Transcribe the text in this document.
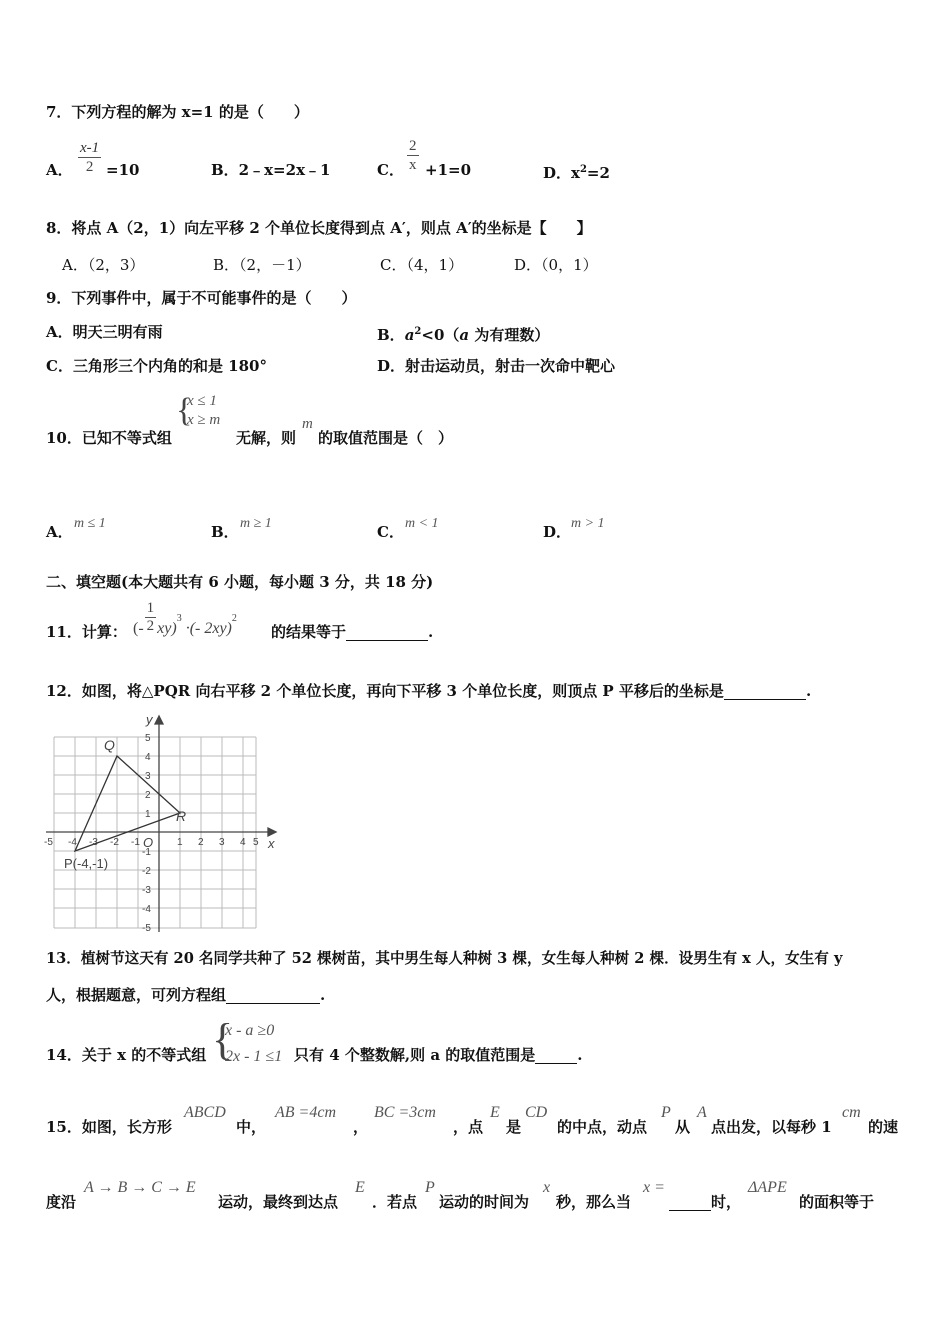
7．下列方程的解为 x=1 的是（　　）
A． $\frac{x-1}{2} =10$	B．2﹣x=2x﹣1	C． $\frac{2}{x} +1=0$	D．$x^2=2$
8．将点 A（2，1）向左平移 2 个单位长度得到点 A′，则点 A′的坐标是【　　】
A．（2，3）	B．（2，－1）	C．（4，1）	D．（0，1）
9．下列事件中，属于不可能事件的是（　　）
A．明天三明有雨	B．$a^2<0(a$ 为有理数）
C．三角形三个内角的和是 180°	D．射击运动员，射击一次命中靶心
10．已知不等式组
{
x ≤ 1
x ≥ m
无解，则
m
的取值范围是（　）
A． m ≤ 1	B． m ≥ 1	C． m < 1	D． m > 1
二、填空题(本大题共有 6 小题，每小题 3 分，共 18 分)
11．计算： (- $\frac{1}{2} xy)^3\cdot(-$ 2xy)$^2$
的结果等于	.
12．如图，将△PQR 向右平移 2 个单位长度，再向下平移 3 个单位长度，则顶点 P 平移后的坐标是	.
y
x
O
Q
R
P(-4,-1)
-5 -4 -3 -2 -1	1 2 3 4 5
5
4
3
2
1
-1
-2
-3
-4
-5
13．植树节这天有 20 名同学共种了 52 棵树苗，其中男生每人种树 3 棵，女生每人种树 2 棵．设男生有 x 人，女生有 y
人，根据题意，可列方程组	.
14．关于 x 的不等式组 {
x - a ≥0
2x - 1 ≤1 只有 4 个整数解,则 a 的取值范围是	.
15．如图，长方形
ABCD
中，
AB =4cm
，
BC =3cm
，点
E
是
CD
的中点，动点
P
从
A
点出发，以每秒 1
cm
的速
度沿
A → B → C → E
运动，最终到达点
E
．若点
P
运动的时间为
x
秒，那么当
x =
时，
ΔAPE
的面积等于
